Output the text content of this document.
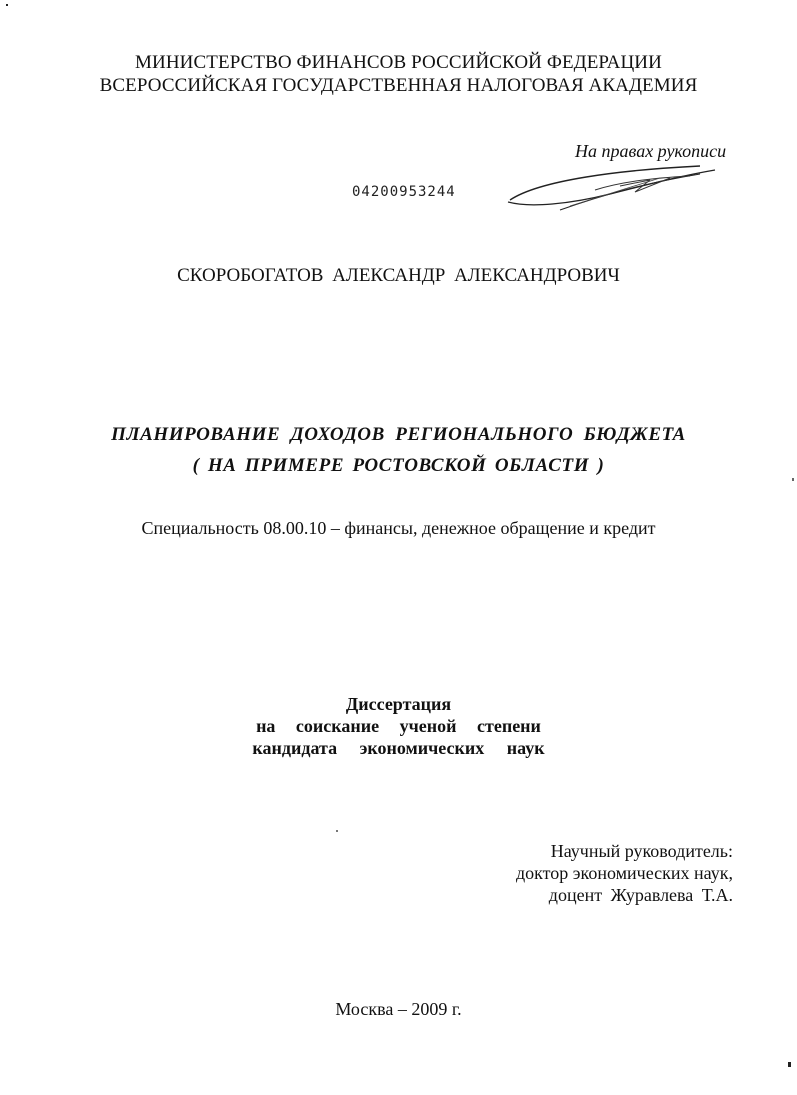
МИНИСТЕРСТВО ФИНАНСОВ РОССИЙСКОЙ ФЕДЕРАЦИИ
ВСЕРОССИЙСКАЯ ГОСУДАРСТВЕННАЯ НАЛОГОВАЯ АКАДЕМИЯ
На правах рукописи
04200953244
СКОРОБОГАТОВ АЛЕКСАНДР АЛЕКСАНДРОВИЧ
ПЛАНИРОВАНИЕ ДОХОДОВ РЕГИОНАЛЬНОГО БЮДЖЕТА
( НА ПРИМЕРЕ РОСТОВСКОЙ ОБЛАСТИ )
Специальность 08.00.10 – финансы, денежное обращение и кредит
Диссертация
на соискание ученой степени
кандидата экономических наук
Научный руководитель:
доктор экономических наук,
доцент Журавлева Т.А.
Москва – 2009 г.
